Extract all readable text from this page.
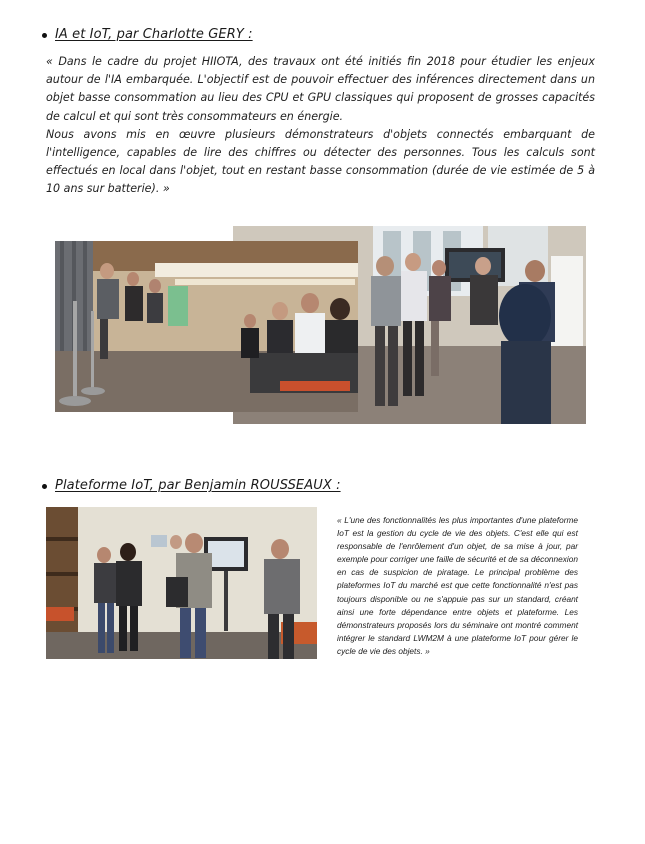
IA et IoT, par Charlotte GERY :

« Dans le cadre du projet HIIOTA, des travaux ont été initiés fin 2018 pour étudier les enjeux autour de l'IA embarquée. L'objectif est de pouvoir effectuer des inférences directement dans un objet basse consommation au lieu des CPU et GPU classiques qui proposent de grosses capacités de calcul et qui sont très consommateurs en énergie.

Nous avons mis en œuvre plusieurs démonstrateurs d'objets connectés embarquant de l'intelligence, capables de lire des chiffres ou détecter des personnes. Tous les calculs sont effectués en local dans l'objet, tout en restant basse consommation (durée de vie estimée de 5 à 10 ans sur batterie). »

Plateforme IoT, par Benjamin ROUSSEAUX :

« L'une des fonctionnalités les plus importantes d'une plateforme IoT est la gestion du cycle de vie des objets. C'est elle qui est responsable de l'enrôlement d'un objet, de sa mise à jour, par exemple pour corriger une faille de sécurité et de sa déconnexion en cas de suspicion de piratage. Le principal problème des plateformes IoT du marché est que cette fonctionnalité n'est pas toujours disponible ou ne s'appuie pas sur un standard, créant ainsi une forte dépendance entre objets et plateforme. Les démonstrateurs proposés lors du séminaire ont montré comment intégrer le standard LWM2M à une plateforme IoT pour gérer le cycle de vie des objets. »
